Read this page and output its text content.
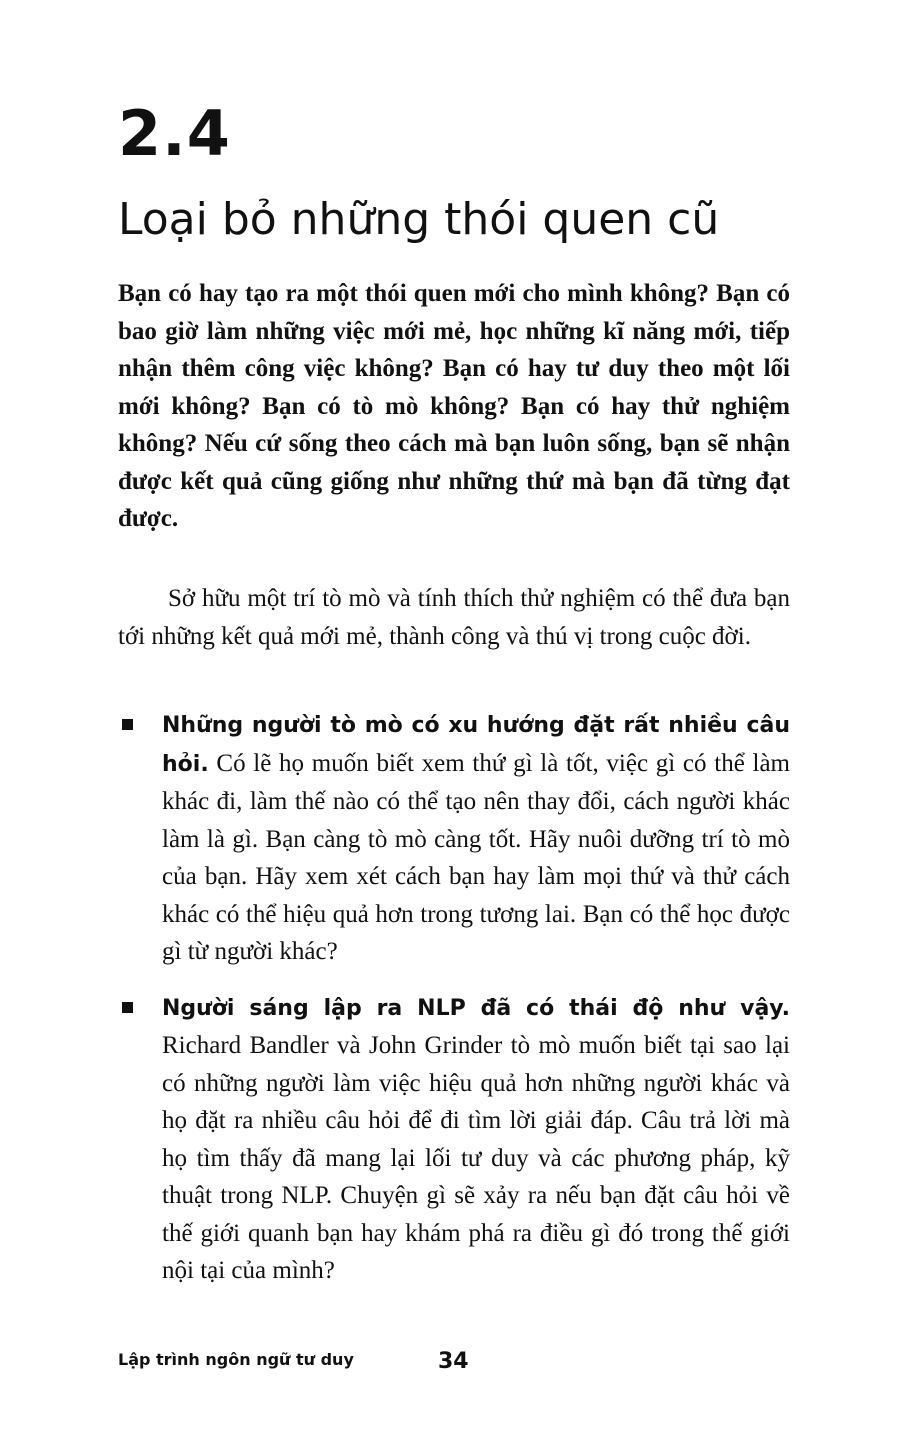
2.4
Loại bỏ những thói quen cũ

Bạn có hay tạo ra một thói quen mới cho mình không? Bạn có bao giờ làm những việc mới mẻ, học những kĩ năng mới, tiếp nhận thêm công việc không? Bạn có hay tư duy theo một lối mới không? Bạn có tò mò không? Bạn có hay thử nghiệm không? Nếu cứ sống theo cách mà bạn luôn sống, bạn sẽ nhận được kết quả cũng giống như những thứ mà bạn đã từng đạt được.

Sở hữu một trí tò mò và tính thích thử nghiệm có thể đưa bạn tới những kết quả mới mẻ, thành công và thú vị trong cuộc đời.

Những người tò mò có xu hướng đặt rất nhiều câu hỏi. Có lẽ họ muốn biết xem thứ gì là tốt, việc gì có thể làm khác đi, làm thế nào có thể tạo nên thay đổi, cách người khác làm là gì. Bạn càng tò mò càng tốt. Hãy nuôi dưỡng trí tò mò của bạn. Hãy xem xét cách bạn hay làm mọi thứ và thử cách khác có thể hiệu quả hơn trong tương lai. Bạn có thể học được gì từ người khác?
Người sáng lập ra NLP đã có thái độ như vậy. Richard Bandler và John Grinder tò mò muốn biết tại sao lại có những người làm việc hiệu quả hơn những người khác và họ đặt ra nhiều câu hỏi để đi tìm lời giải đáp. Câu trả lời mà họ tìm thấy đã mang lại lối tư duy và các phương pháp, kỹ thuật trong NLP. Chuyện gì sẽ xảy ra nếu bạn đặt câu hỏi về thế giới quanh bạn hay khám phá ra điều gì đó trong thế giới nội tại của mình?
Lập trình ngôn ngữ tư duy	34
